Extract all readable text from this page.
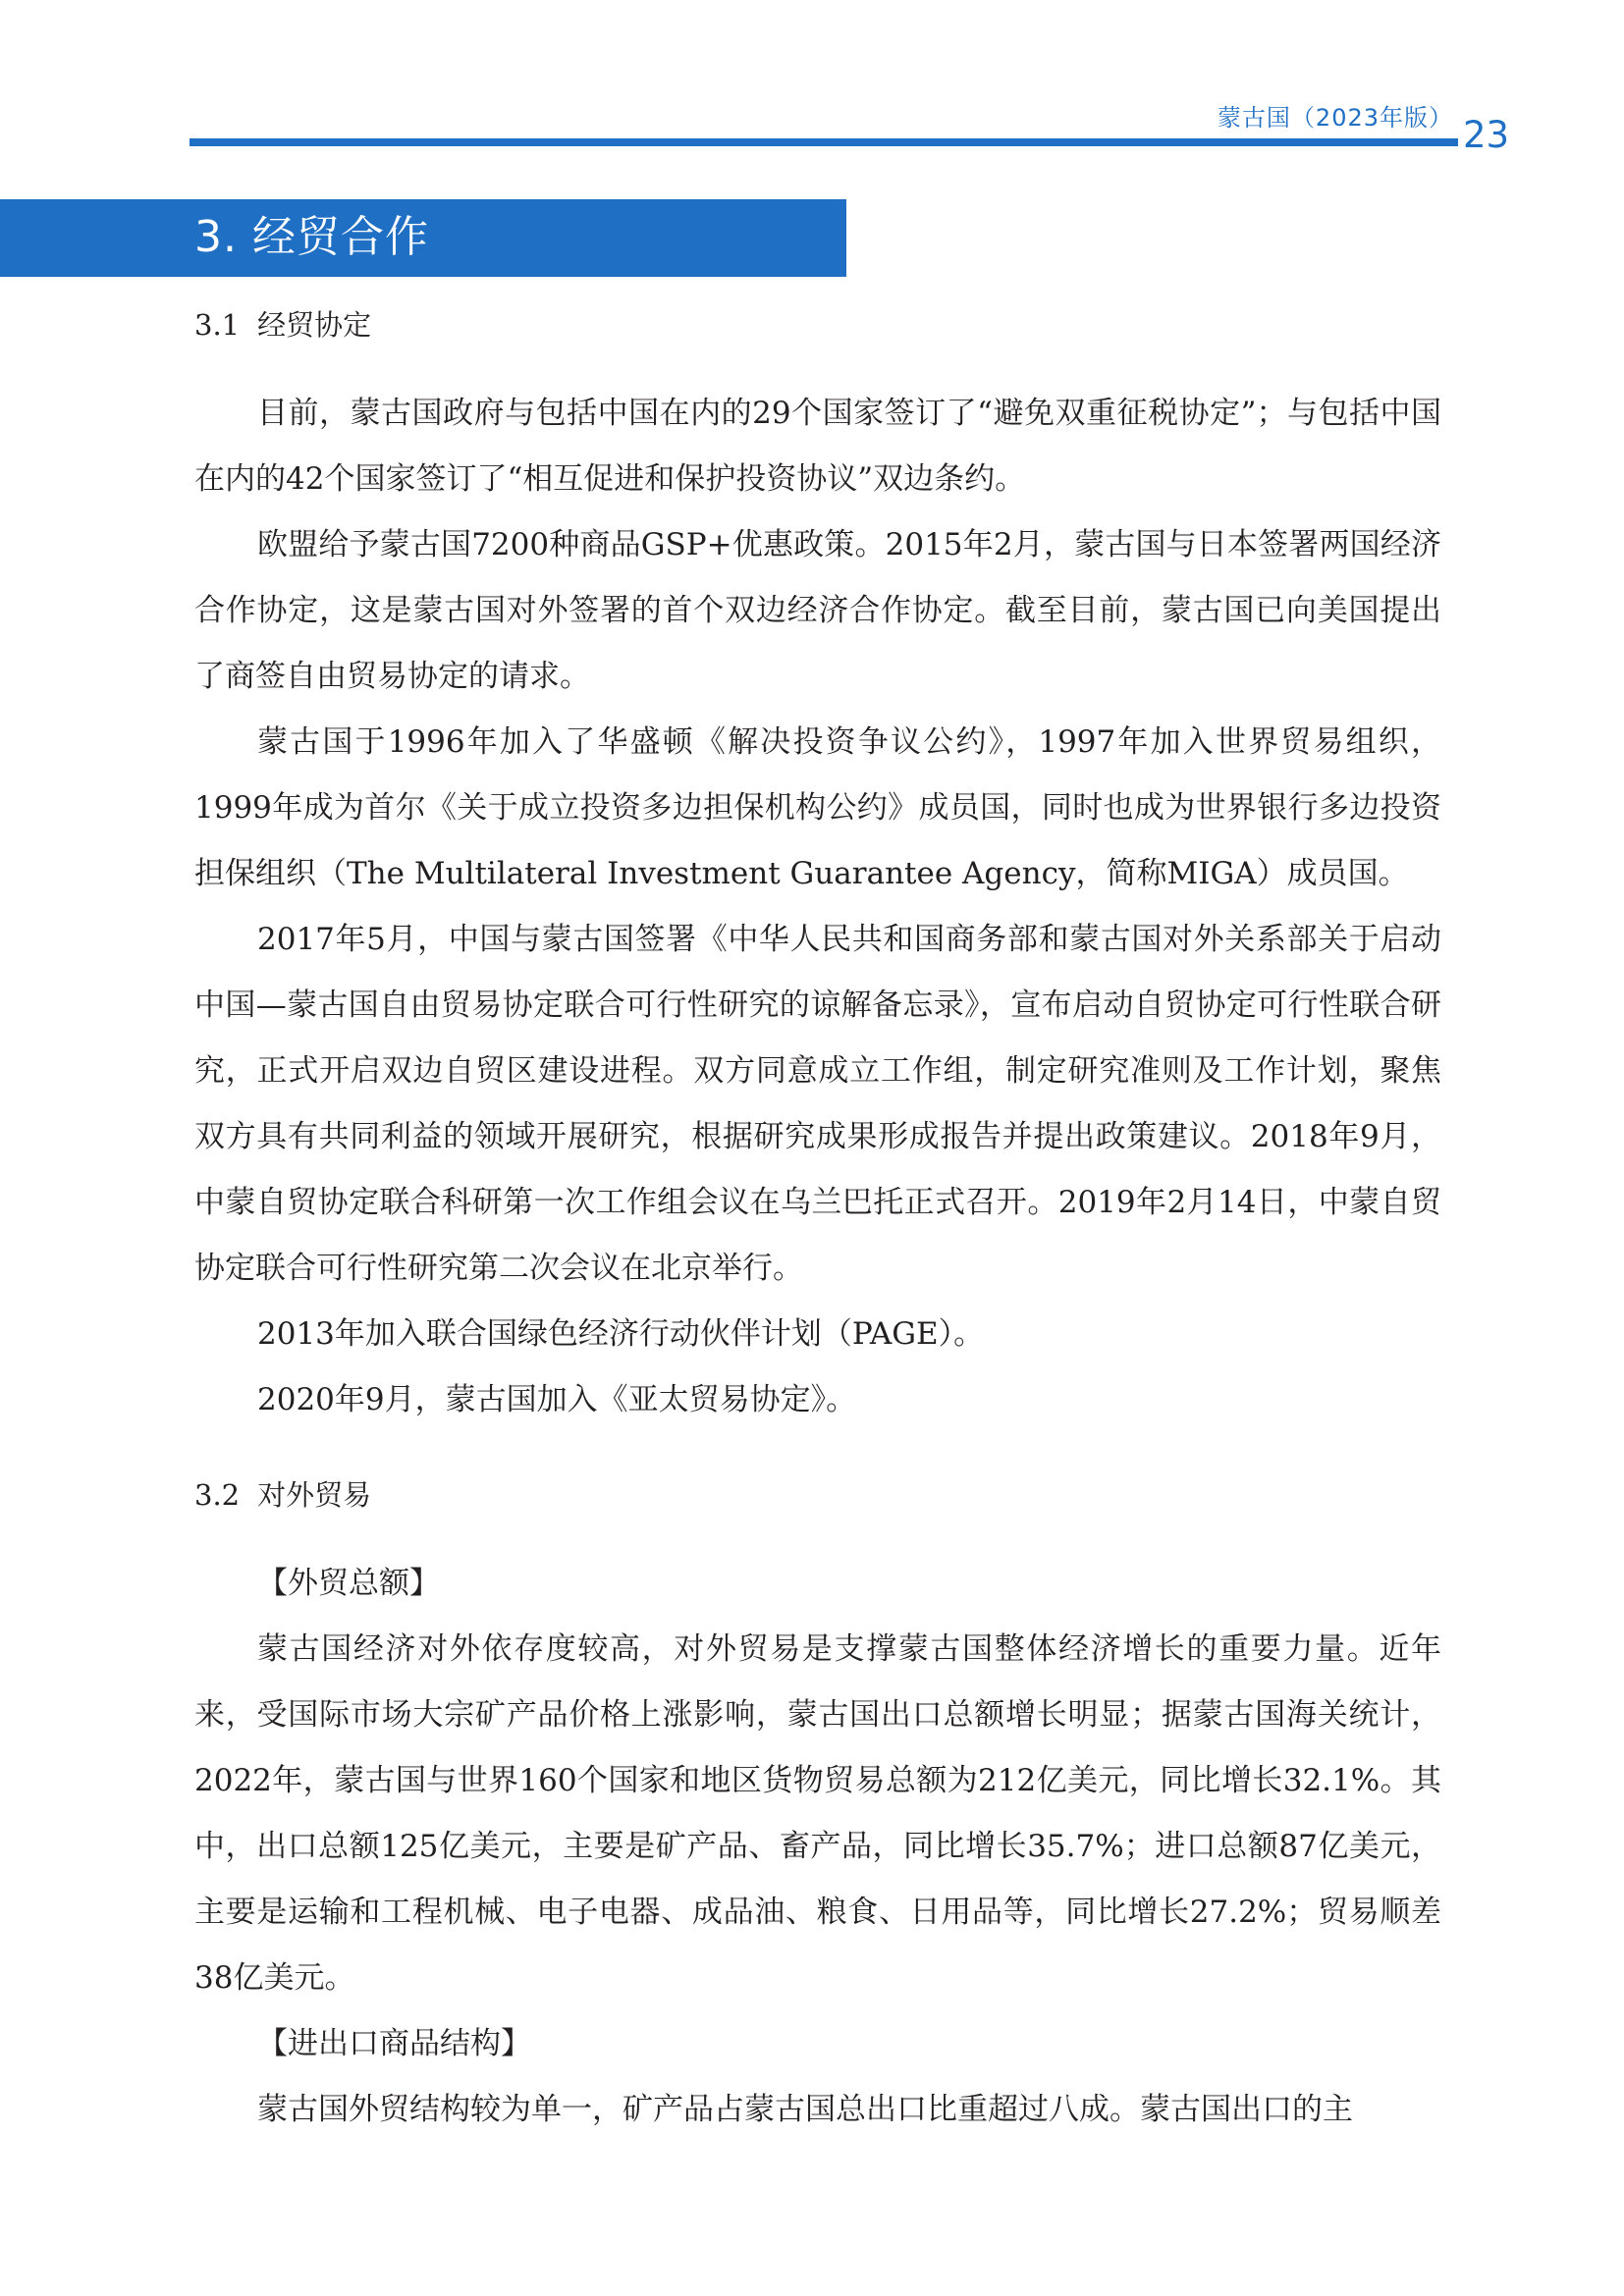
蒙古国（2023年版） 23
3. 经贸合作
3.1 经贸协定

目前，蒙古国政府与包括中国在内的29个国家签订了“避免双重征税协定”；与包括中国在内的42个国家签订了“相互促进和保护投资协议”双边条约。

欧盟给予蒙古国7200种商品GSP+优惠政策。2015年2月，蒙古国与日本签署两国经济合作协定，这是蒙古国对外签署的首个双边经济合作协定。截至目前，蒙古国已向美国提出了商签自由贸易协定的请求。

蒙古国于1996年加入了华盛顿《解决投资争议公约》，1997年加入世界贸易组织，1999年成为首尔《关于成立投资多边担保机构公约》成员国，同时也成为世界银行多边投资担保组织（The Multilateral Investment Guarantee Agency，简称MIGA）成员国。

2017年5月，中国与蒙古国签署《中华人民共和国商务部和蒙古国对外关系部关于启动中国—蒙古国自由贸易协定联合可行性研究的谅解备忘录》，宣布启动自贸协定可行性联合研究，正式开启双边自贸区建设进程。双方同意成立工作组，制定研究准则及工作计划，聚焦双方具有共同利益的领域开展研究，根据研究成果形成报告并提出政策建议。2018年9月，中蒙自贸协定联合科研第一次工作组会议在乌兰巴托正式召开。2019年2月14日，中蒙自贸协定联合可行性研究第二次会议在北京举行。

2013年加入联合国绿色经济行动伙伴计划（PAGE）。

2020年9月，蒙古国加入《亚太贸易协定》。

3.2 对外贸易

【外贸总额】

蒙古国经济对外依存度较高，对外贸易是支撑蒙古国整体经济增长的重要力量。近年来，受国际市场大宗矿产品价格上涨影响，蒙古国出口总额增长明显；据蒙古国海关统计，2022年，蒙古国与世界160个国家和地区货物贸易总额为212亿美元，同比增长32.1%。其中，出口总额125亿美元，主要是矿产品、畜产品，同比增长35.7%；进口总额87亿美元，主要是运输和工程机械、电子电器、成品油、粮食、日用品等，同比增长27.2%；贸易顺差38亿美元。

【进出口商品结构】

蒙古国外贸结构较为单一，矿产品占蒙古国总出口比重超过八成。蒙古国出口的主
